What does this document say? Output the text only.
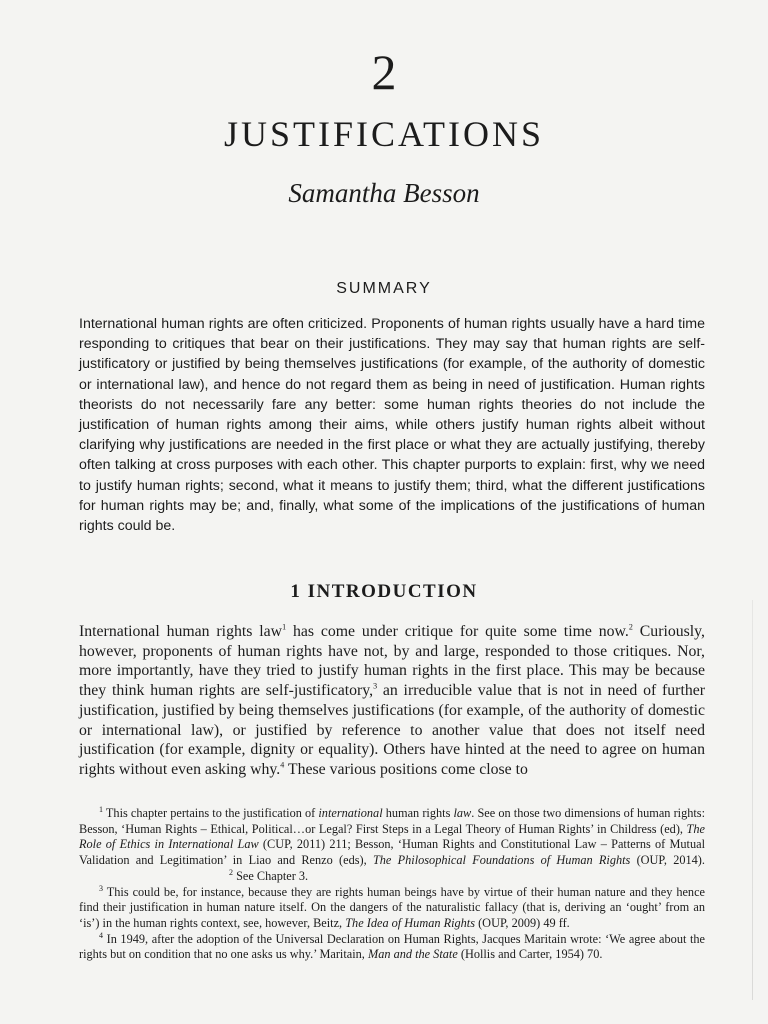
2
JUSTIFICATIONS
Samantha Besson
SUMMARY

International human rights are often criticized. Proponents of human rights usually have a hard time responding to critiques that bear on their justifications. They may say that human rights are self-justificatory or justified by being themselves justifications (for example, of the authority of domestic or international law), and hence do not regard them as being in need of justification. Human rights theorists do not necessarily fare any better: some human rights theories do not include the justification of human rights among their aims, while others justify human rights albeit without clarifying why justifications are needed in the first place or what they are actually justifying, thereby often talking at cross purposes with each other. This chapter purports to explain: first, why we need to justify human rights; second, what it means to justify them; third, what the different justifications for human rights may be; and, finally, what some of the implications of the justifications of human rights could be.

1 INTRODUCTION

International human rights law$^1$ has come under critique for quite some time now.$^2$ Curiously, however, proponents of human rights have not, by and large, responded to those critiques. Nor, more importantly, have they tried to justify human rights in the first place. This may be because they think human rights are self-justificatory,$^3$ an irreducible value that is not in need of further justification, justified by being themselves justifications (for example, of the authority of domestic or international law), or justified by reference to another value that does not itself need justification (for example, dignity or equality). Others have hinted at the need to agree on human rights without even asking why.$^4$ These various positions come close to

$^1$ This chapter pertains to the justification of international human rights law. See on those two dimensions of human rights: Besson, ‘Human Rights – Ethical, Political…or Legal? First Steps in a Legal Theory of Human Rights’ in Childress (ed), The Role of Ethics in International Law (CUP, 2011) 211; Besson, ‘Human Rights and Constitutional Law – Patterns of Mutual Validation and Legitimation’ in Liao and Renzo (eds), The Philosophical Foundations of Human Rights (OUP, 2014).$^2$ See Chapter 3.

$^3$ This could be, for instance, because they are rights human beings have by virtue of their human nature and they hence find their justification in human nature itself. On the dangers of the naturalistic fallacy (that is, deriving an ‘ought’ from an ‘is’) in the human rights context, see, however, Beitz, The Idea of Human Rights (OUP, 2009) 49 ff.

$^4$ In 1949, after the adoption of the Universal Declaration on Human Rights, Jacques Maritain wrote: ‘We agree about the rights but on condition that no one asks us why.’ Maritain, Man and the State (Hollis and Carter, 1954) 70.
